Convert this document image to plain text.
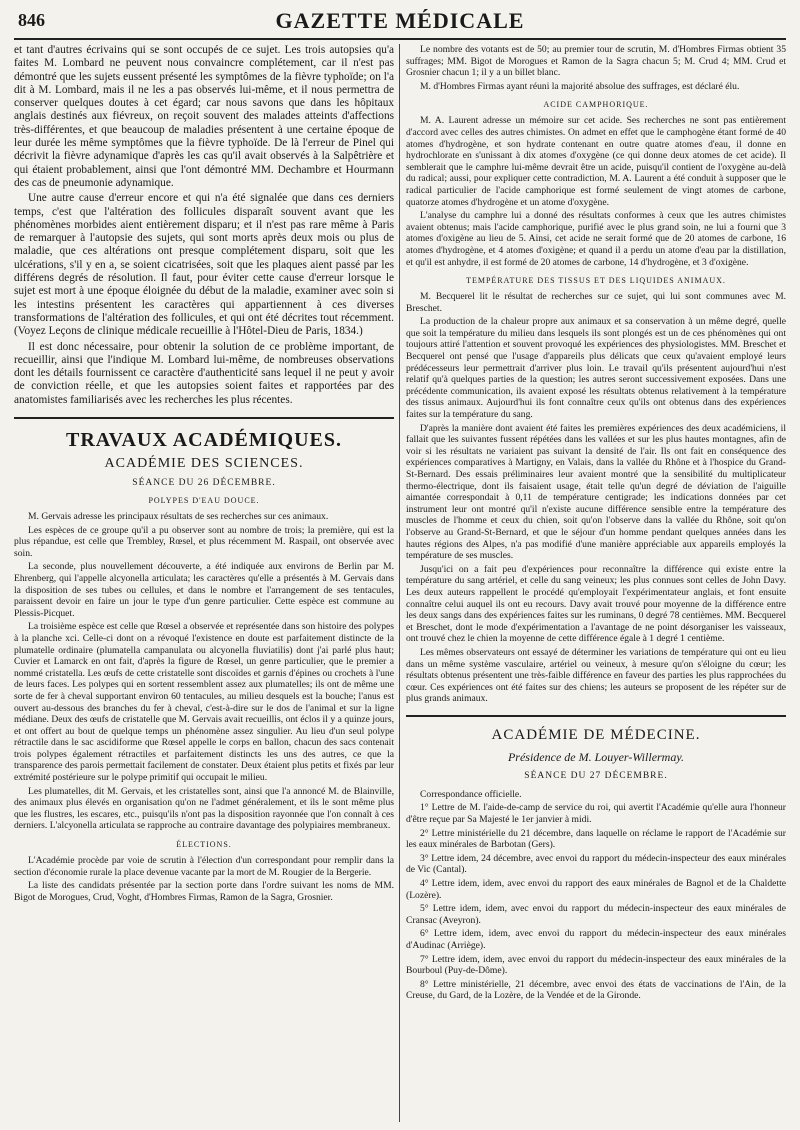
846	GAZETTE MÉDICALE

et tant d'autres écrivains qui se sont occupés de ce sujet. Les trois autopsies qu'a faites M. Lombard ne peuvent nous convaincre complétement, car il n'est pas démontré que les sujets eussent présenté les symptômes de la fièvre typhoïde; on l'a dit à M. Lombard, mais il ne les a pas observés lui-même, et il nous permettra de conserver quelques doutes à cet égard; car nous savons que dans les hôpitaux anglais destinés aux fiévreux, on reçoit souvent des malades atteints d'affections très-différentes, et que beaucoup de maladies présentent à une certaine époque de leur durée les même symptômes que la fièvre typhoïde. De là l'erreur de Pinel qui décrivit la fièvre adynamique d'après les cas qu'il avait observés à la Salpêtrière et qui étaient probablement, ainsi que l'ont démontré MM. Dechambre et Hourmann des cas de pneumonie adynamique.

Une autre cause d'erreur encore et qui n'a été signalée que dans ces derniers temps, c'est que l'altération des follicules disparaît souvent avant que les phénomènes morbides aient entièrement disparu; et il n'est pas rare même à Paris de remarquer à l'autopsie des sujets, qui sont morts après deux mois ou plus de maladie, que ces altérations ont presque complétement disparu, soit que les ulcérations, s'il y en a, se soient cicatrisées, soit que les plaques aient passé par les différens degrés de résolution. Il faut, pour éviter cette cause d'erreur lorsque le sujet est mort à une époque éloignée du début de la maladie, examiner avec soin si les intestins présentent les caractères qui appartiennent à ces diverses transformations de l'altération des follicules, et qui ont été décrites tout récemment. (Voyez Leçons de clinique médicale recueillie à l'Hôtel-Dieu de Paris, 1834.)

Il est donc nécessaire, pour obtenir la solution de ce problème important, de recueillir, ainsi que l'indique M. Lombard lui-même, de nombreuses observations dont les détails fournissent ce caractère d'authenticité sans lequel il ne peut y avoir de conviction réelle, et que les autopsies soient faites et rapportées par des anatomistes familiarisés avec les recherches les plus récentes.

TRAVAUX ACADÉMIQUES.
ACADÉMIE DES SCIENCES.
SÉANCE DU 26 DÉCEMBRE.
POLYPES D'EAU DOUCE.

M. Gervais adresse les principaux résultats de ses recherches sur ces animaux.

Les espèces de ce groupe qu'il a pu observer sont au nombre de trois; la première, qui est la plus répandue, est celle que Trembley, Rœsel, et plus récemment M. Raspail, ont observée avec soin.

La seconde, plus nouvellement découverte, a été indiquée aux environs de Berlin par M. Ehrenberg, qui l'appelle alcyonella articulata; les caractères qu'elle a présentés à M. Gervais dans la disposition de ses tubes ou cellules, et dans le nombre et l'arrangement de ses tentacules, paraissent devoir en faire un jour le type d'un genre particulier. Cette espèce est commune au Plessis-Picquet.

La troisième espèce est celle que Rœsel a observée et représentée dans son histoire des polypes à la planche xci. Celle-ci dont on a révoqué l'existence en doute est parfaitement distincte de la plumatelle ordinaire (plumatella campanulata ou alcyonella fluviatilis) dont j'ai parlé plus haut; Cuvier et Lamarck en ont fait, d'après la figure de Rœsel, un genre particulier, que le premier a nommé cristatella. Les œufs de cette cristatelle sont discoïdes et garnis d'épines ou crochets à l'une de leurs faces. Les polypes qui en sortent ressemblent assez aux plumatelles; ils ont de même une sorte de fer à cheval supportant environ 60 tentacules, au milieu desquels est la bouche; l'anus est ouvert au-dessous des branches du fer à cheval, c'est-à-dire sur le dos de l'animal et sur la ligne médiane. Deux des œufs de cristatelle que M. Gervais avait recueillis, ont éclos il y a quinze jours, et ont offert au bout de quelque temps un phénomène assez singulier. Au lieu d'un seul polype rétractile dans le sac ascidiforme que Rœsel appelle le corps en ballon, chacun des sacs contenait trois polypes également rétractiles et parfaitement distincts les uns des autres, ce que la transparence des parois permettait facilement de constater. Deux étaient plus petits et fixés par leur extrémité postérieure sur le polype primitif qui occupait le milieu.

Les plumatelles, dit M. Gervais, et les cristatelles sont, ainsi que l'a annoncé M. de Blainville, des animaux plus élevés en organisation qu'on ne l'admet généralement, et ils le sont même plus que les flustres, les escares, etc., puisqu'ils n'ont pas la disposition rayonnée que l'on connaît à ces derniers. L'alcyonella articulata se rapproche au contraire davantage des polypiaires membraneux.

ÉLECTIONS.

L'Académie procède par voie de scrutin à l'élection d'un correspondant pour remplir dans la section d'économie rurale la place devenue vacante par la mort de M. Rougier de la Bergerie.

La liste des candidats présentée par la section porte dans l'ordre suivant les noms de MM. Bigot de Morogues, Crud, Voght, d'Hombres Firmas, Ramon de la Sagra, Grosnier.

Le nombre des votants est de 50; au premier tour de scrutin, M. d'Hombres Firmas obtient 35 suffrages; MM. Bigot de Morogues et Ramon de la Sagra chacun 5; M. Crud 4; MM. Crud et Grosnier chacun 1; il y a un billet blanc.

M. d'Hombres Firmas ayant réuni la majorité absolue des suffrages, est déclaré élu.

ACIDE CAMPHORIQUE.

M. A. Laurent adresse un mémoire sur cet acide. Ses recherches ne sont pas entièrement d'accord avec celles des autres chimistes. On admet en effet que le camphogène étant formé de 40 atomes d'hydrogène, et son hydrate contenant en outre quatre atomes d'eau, il donne en hydrochlorate en s'unissant à dix atomes d'oxygène (ce qui donne deux atomes de cet acide). Il semblerait que le camphre lui-même devrait être un acide, puisqu'il contient de l'oxygène au-delà du radical; aussi, pour expliquer cette contradiction, M. A. Laurent a été conduit à supposer que le radical particulier de l'acide camphorique est formé seulement de vingt atomes de carbone, quatorze atomes d'hydrogène et un atome d'oxygène.

L'analyse du camphre lui a donné des résultats conformes à ceux que les autres chimistes avaient obtenus; mais l'acide camphorique, purifié avec le plus grand soin, ne lui a fourni que 3 atomes d'oxigène au lieu de 5. Ainsi, cet acide ne serait formé que de 20 atomes de carbone, 16 atomes d'hydrogène, et 4 atomes d'oxigène; et quand il a perdu un atome d'eau par la distillation, et qu'il est anhydre, il est formé de 20 atomes de carbone, 14 d'hydrogène, et 3 d'oxigène.

TEMPÉRATURE DES TISSUS ET DES LIQUIDES ANIMAUX.

M. Becquerel lit le résultat de recherches sur ce sujet, qui lui sont communes avec M. Breschet.

La production de la chaleur propre aux animaux et sa conservation à un même degré, quelle que soit la température du milieu dans lesquels ils sont plongés est un de ces phénomènes qui ont toujours attiré l'attention et souvent provoqué les expériences des physiologistes. MM. Breschet et Becquerel ont pensé que l'usage d'appareils plus délicats que ceux qu'avaient employé leurs prédécesseurs leur permettrait d'arriver plus loin. Le travail qu'ils présentent aujourd'hui n'est relatif qu'à quelques parties de la question; les autres seront successivement exposées. Dans une précédente communication, ils avaient exposé les résultats obtenus relativement à la température des tissus animaux. Aujourd'hui ils font connaître ceux qu'ils ont obtenus dans des expériences faites sur la température du sang.

D'après la manière dont avaient été faites les premières expériences des deux académiciens, il fallait que les suivantes fussent répétées dans les vallées et sur les plus hautes montagnes, afin de voir si les résultats ne variaient pas suivant la densité de l'air. Ils ont fait en conséquence des expériences comparatives à Martigny, en Valais, dans la vallée du Rhône et à l'hospice du Grand-St-Bernard. Des essais préliminaires leur avaient montré que la sensibilité du multiplicateur thermo-électrique, dont ils faisaient usage, était telle qu'un degré de déviation de l'aiguille aimantée correspondait à 0,11 de température centigrade; les indications données par cet instrument leur ont montré qu'il n'existe aucune différence sensible entre la température des muscles de l'homme et ceux du chien, soit qu'on l'observe dans la vallée du Rhône, soit qu'on l'observe au Grand-St-Bernard, et que le séjour d'un homme pendant quelques années dans les hautes régions des Alpes, n'a pas modifié d'une manière appréciable aux appareils employés la température de ses muscles.

Jusqu'ici on a fait peu d'expériences pour reconnaître la différence qui existe entre la température du sang artériel, et celle du sang veineux; les plus connues sont celles de John Davy. Les deux auteurs rappellent le procédé qu'employait l'expérimentateur anglais, et font ensuite connaître celui auquel ils ont eu recours. Davy avait trouvé pour moyenne de la différence entre les deux sangs dans des expériences faites sur les ruminans, 0 degré 78 centièmes. MM. Becquerel et Breschet, dont le mode d'expérimentation a l'avantage de ne point désorganiser les vaisseaux, ont trouvé chez le chien la moyenne de cette différence égale à 1 degré 1 centième.

Les mêmes observateurs ont essayé de déterminer les variations de température qui ont eu lieu dans un même système vasculaire, artériel ou veineux, à mesure qu'on s'éloigne du cœur; les résultats obtenus présentent une très-faible différence en faveur des parties les plus rapprochées du cœur. Ces expériences ont été faites sur des chiens; les auteurs se proposent de les répéter sur de plus grands animaux.

ACADÉMIE DE MÉDECINE.
Présidence de M. Louyer-Willermay.
SÉANCE DU 27 DÉCEMBRE.

Correspondance officielle.

1° Lettre de M. l'aide-de-camp de service du roi, qui avertit l'Académie qu'elle aura l'honneur d'être reçue par Sa Majesté le 1er janvier à midi.

2° Lettre ministérielle du 21 décembre, dans laquelle on réclame le rapport de l'Académie sur les eaux minérales de Barbotan (Gers).

3° Lettre idem, 24 décembre, avec envoi du rapport du médecin-inspecteur des eaux minérales de Vic (Cantal).

4° Lettre idem, idem, avec envoi du rapport des eaux minérales de Bagnol et de la Chaldette (Lozère).

5° Lettre idem, idem, avec envoi du rapport du médecin-inspecteur des eaux minérales de Cransac (Aveyron).

6° Lettre idem, idem, avec envoi du rapport du médecin-inspecteur des eaux minérales d'Audinac (Arriège).

7° Lettre idem, idem, avec envoi du rapport du médecin-inspecteur des eaux minérales de la Bourboul (Puy-de-Dôme).

8° Lettre ministérielle, 21 décembre, avec envoi des états de vaccinations de l'Ain, de la Creuse, du Gard, de la Lozère, de la Vendée et de la Gironde.
